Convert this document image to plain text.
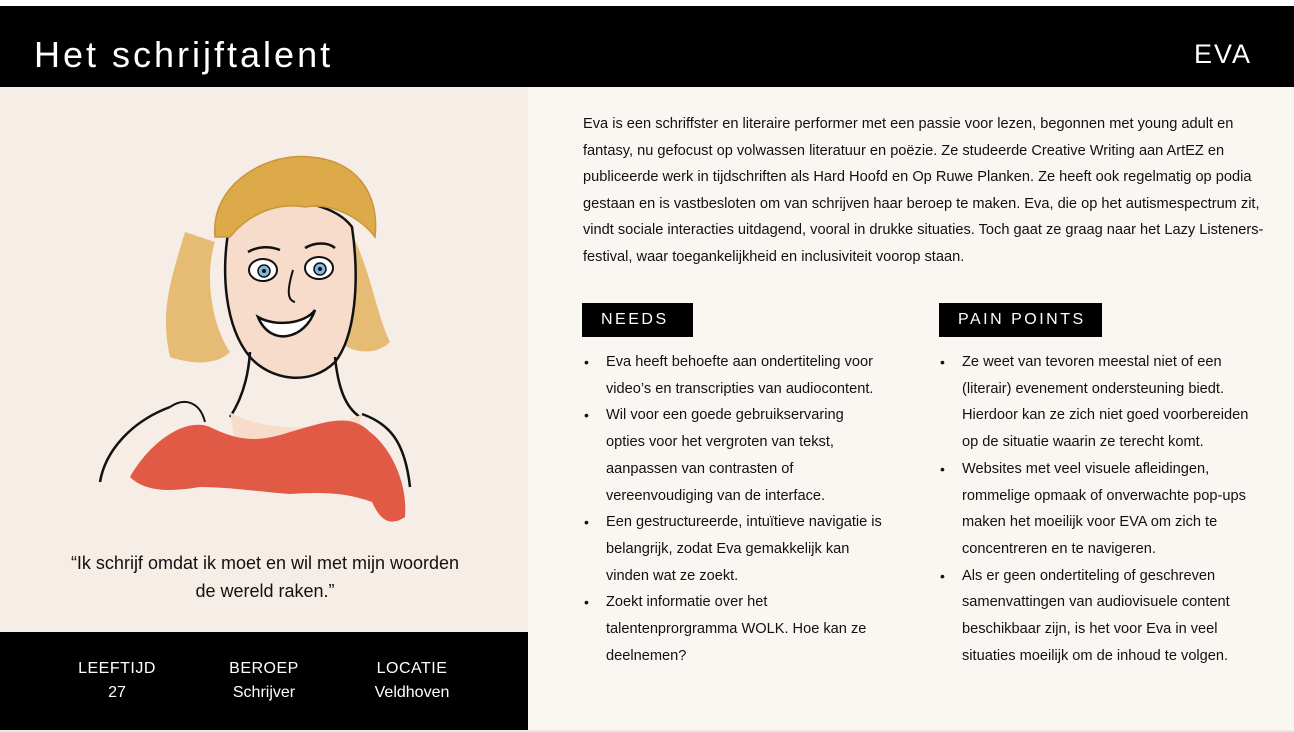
Het schrijftalent	EVA
“Ik schrijf omdat ik moet en wil met mijn woorden de wereld raken.”
LEEFTIJD
27
BEROEP
Schrijver
LOCATIE
Veldhoven
Eva is een schriffster en literaire performer met een passie voor lezen, begonnen met young adult en fantasy, nu gefocust op volwassen literatuur en poëzie. Ze studeerde Creative Writing aan ArtEZ en publiceerde werk in tijdschriften als Hard Hoofd en Op Ruwe Planken. Ze heeft ook regelmatig op podia gestaan en is vastbesloten om van schrijven haar beroep te maken. Eva, die op het autismespectrum zit, vindt sociale interacties uitdagend, vooral in drukke situaties. Toch gaat ze graag naar het Lazy Listeners-festival, waar toegankelijkheid en inclusiviteit voorop staan.
NEEDS	PAIN POINTS
• Eva heeft behoefte aan ondertiteling voor video’s en transcripties van audiocontent.
• Wil voor een goede gebruikservaring opties voor het vergroten van tekst, aanpassen van contrasten of vereenvoudiging van de interface.
• Een gestructureerde, intuïtieve navigatie is belangrijk, zodat Eva gemakkelijk kan vinden wat ze zoekt.
• Zoekt informatie over het talentenprorgramma WOLK. Hoe kan ze deelnemen?
• Ze weet van tevoren meestal niet of een (literair) evenement ondersteuning biedt. Hierdoor kan ze zich niet goed voorbereiden op de situatie waarin ze terecht komt.
• Websites met veel visuele afleidingen, rommelige opmaak of onverwachte pop-ups maken het moeilijk voor EVA om zich te concentreren en te navigeren.
• Als er geen ondertiteling of geschreven samenvattingen van audiovisuele content beschikbaar zijn, is het voor Eva in veel situaties moeilijk om de inhoud te volgen.
